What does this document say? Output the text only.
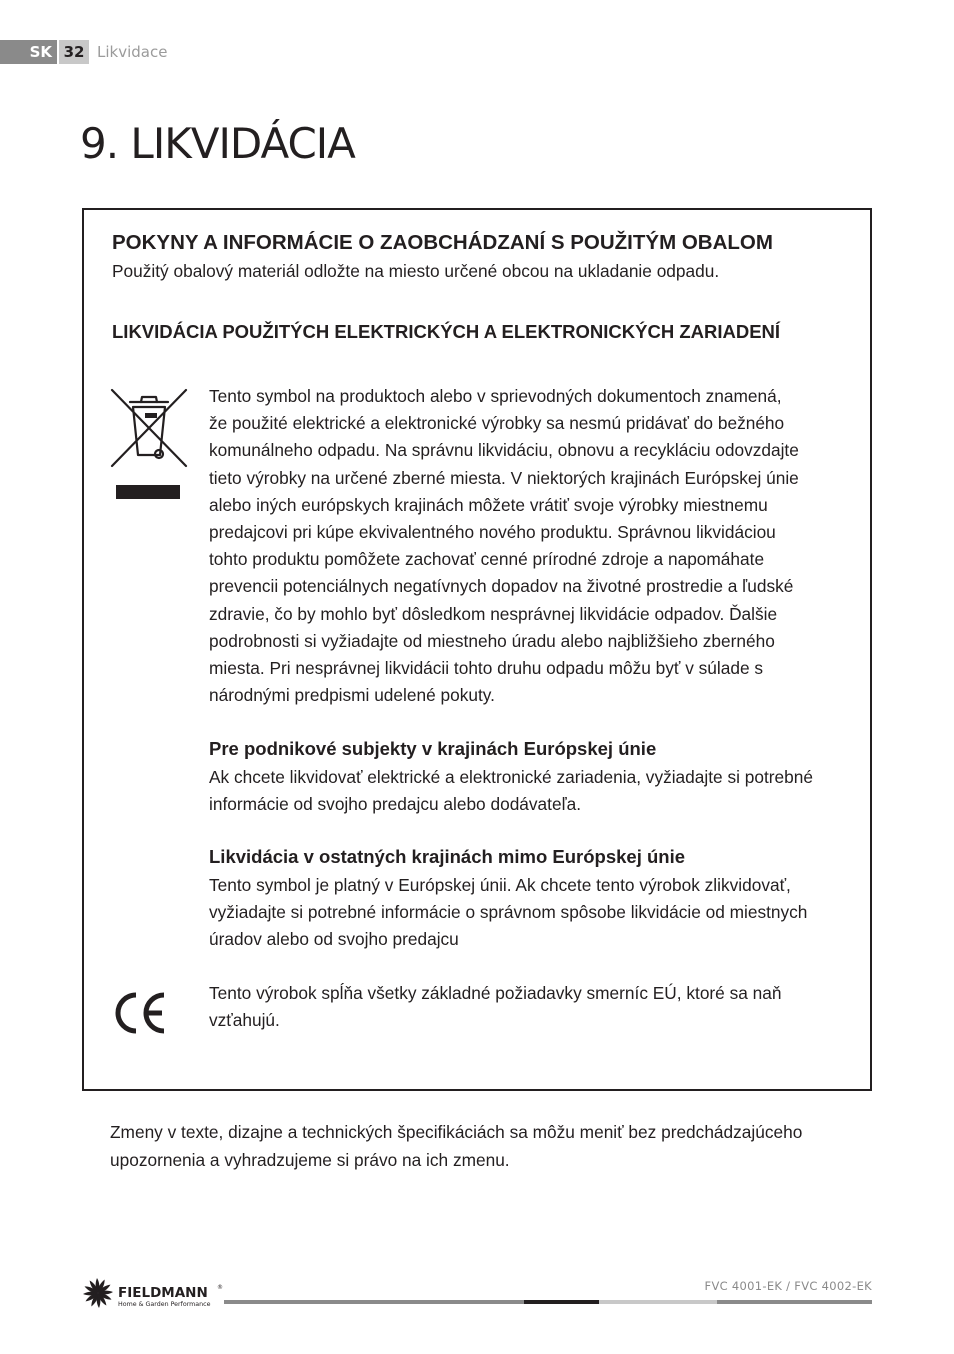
SK 32 Likvidace
9. LIKVIDÁCIA
POKYNY A INFORMÁCIE O ZAOBCHÁDZANÍ S POUŽITÝM OBALOM

Použitý obalový materiál odložte na miesto určené obcou na ukladanie odpadu.

LIKVIDÁCIA POUŽITÝCH ELEKTRICKÝCH A ELEKTRONICKÝCH ZARIADENÍ

Tento symbol na produktoch alebo v sprievodných dokumentoch znamená,
že použité elektrické a elektronické výrobky sa nesmú pridávať do bežného
komunálneho odpadu. Na správnu likvidáciu, obnovu a recykláciu odovzdajte
tieto výrobky na určené zberné miesta. V niektorých krajinách Európskej únie
alebo iných európskych krajinách môžete vrátiť svoje výrobky miestnemu
predajcovi pri kúpe ekvivalentného nového produktu. Správnou likvidáciou
tohto produktu pomôžete zachovať cenné prírodné zdroje a napomáhate
prevencii potenciálnych negatívnych dopadov na životné prostredie a ľudské
zdravie, čo by mohlo byť dôsledkom nesprávnej likvidácie odpadov. Ďalšie
podrobnosti si vyžiadajte od miestneho úradu alebo najbližšieho zberného
miesta. Pri nesprávnej likvidácii tohto druhu odpadu môžu byť v súlade s
národnými predpismi udelené pokuty.

Pre podnikové subjekty v krajinách Európskej únie

Ak chcete likvidovať elektrické a elektronické zariadenia, vyžiadajte si potrebné
informácie od svojho predajcu alebo dodávateľa.

Likvidácia v ostatných krajinách mimo Európskej únie

Tento symbol je platný v Európskej únii. Ak chcete tento výrobok zlikvidovať,
vyžiadajte si potrebné informácie o správnom spôsobe likvidácie od miestnych
úradov alebo od svojho predajcu

Tento výrobok spĺňa všetky základné požiadavky smerníc EÚ, ktoré sa naň
vzťahujú.

Zmeny v texte, dizajne a technických špecifikáciách sa môžu meniť bez predchádzajúceho
upozornenia a vyhradzujeme si právo na ich zmenu.

FIELDMANN ®
Home & Garden Performance
FVC 4001-EK / FVC 4002-EK
